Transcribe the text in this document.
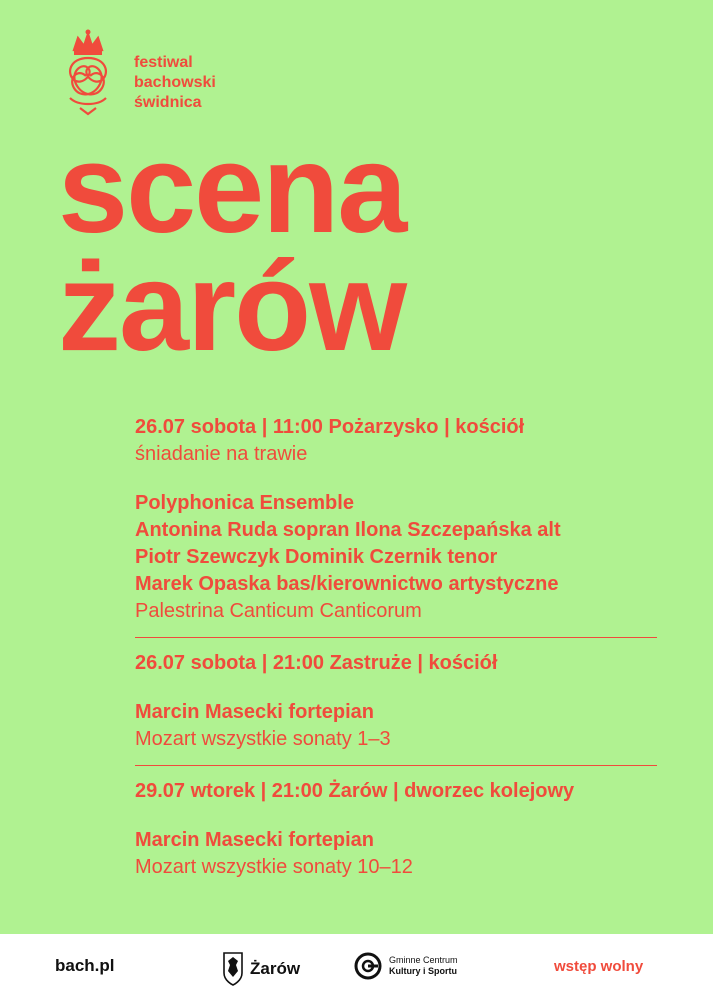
festiwal
bachowski
świdnica
scena
żarów
26.07 sobota | 11:00 Pożarzysko | kościół
śniadanie na trawie
Polyphonica Ensemble
Antonina Ruda sopran Ilona Szczepańska alt
Piotr Szewczyk Dominik Czernik tenor
Marek Opaska bas/kierownictwo artystyczne
Palestrina Canticum Canticorum
26.07 sobota | 21:00 Zastruże | kościół
Marcin Masecki fortepian
Mozart wszystkie sonaty 1–3
29.07 wtorek | 21:00 Żarów | dworzec kolejowy
Marcin Masecki fortepian
Mozart wszystkie sonaty 10–12
bach.pl	Żarów	Gminne Centrum
Kultury i Sportu	wstęp wolny
